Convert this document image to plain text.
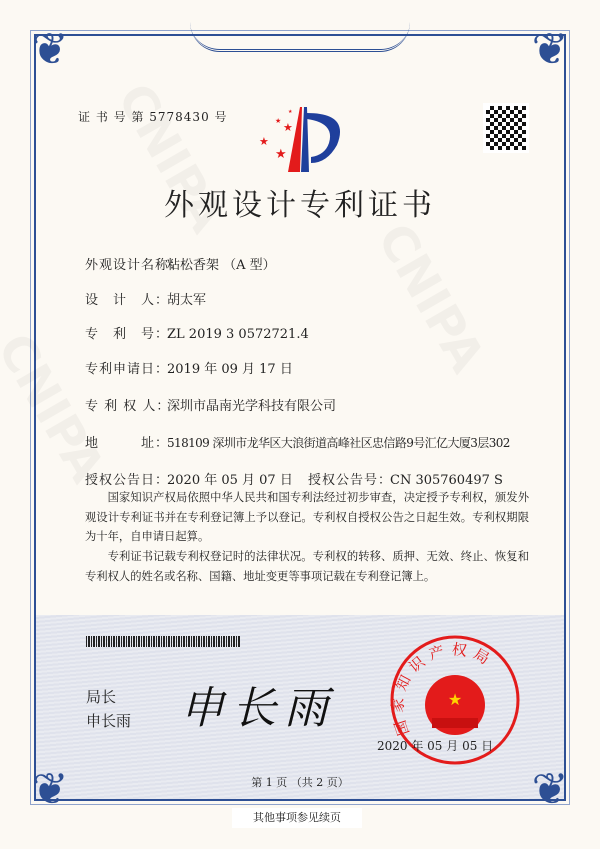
❦	❦
❦	❦
证 书 号 第 5778430 号
★
★
★
★
★
外观设计专利证书
外观设计名称：粘松香架 （A 型）
设　计　人：胡太军
专　利　号：ZL 2019 3 0572721.4
专利申请日：2019 年 09 月 17 日
专 利 权 人：深圳市晶南光学科技有限公司
地　　　址：518109 深圳市龙华区大浪街道高峰社区忠信路9号汇亿大厦3层302
授权公告日：2020 年 05 月 07 日 授权公告号：CN 305760497 S
国家知识产权局依照中华人民共和国专利法经过初步审查，决定授予专利权，颁发外观设计专利证书并在专利登记簿上予以登记。专利权自授权公告之日起生效。专利权期限为十年，自申请日起算。
专利证书记载专利权登记时的法律状况。专利权的转移、质押、无效、终止、恢复和专利权人的姓名或名称、国籍、地址变更等事项记载在专利登记簿上。
局长
申长雨 申长雨	国家知识产权局
★
2020 年 05 月 05 日
第 1 页 （共 2 页）
其他事项参见续页
